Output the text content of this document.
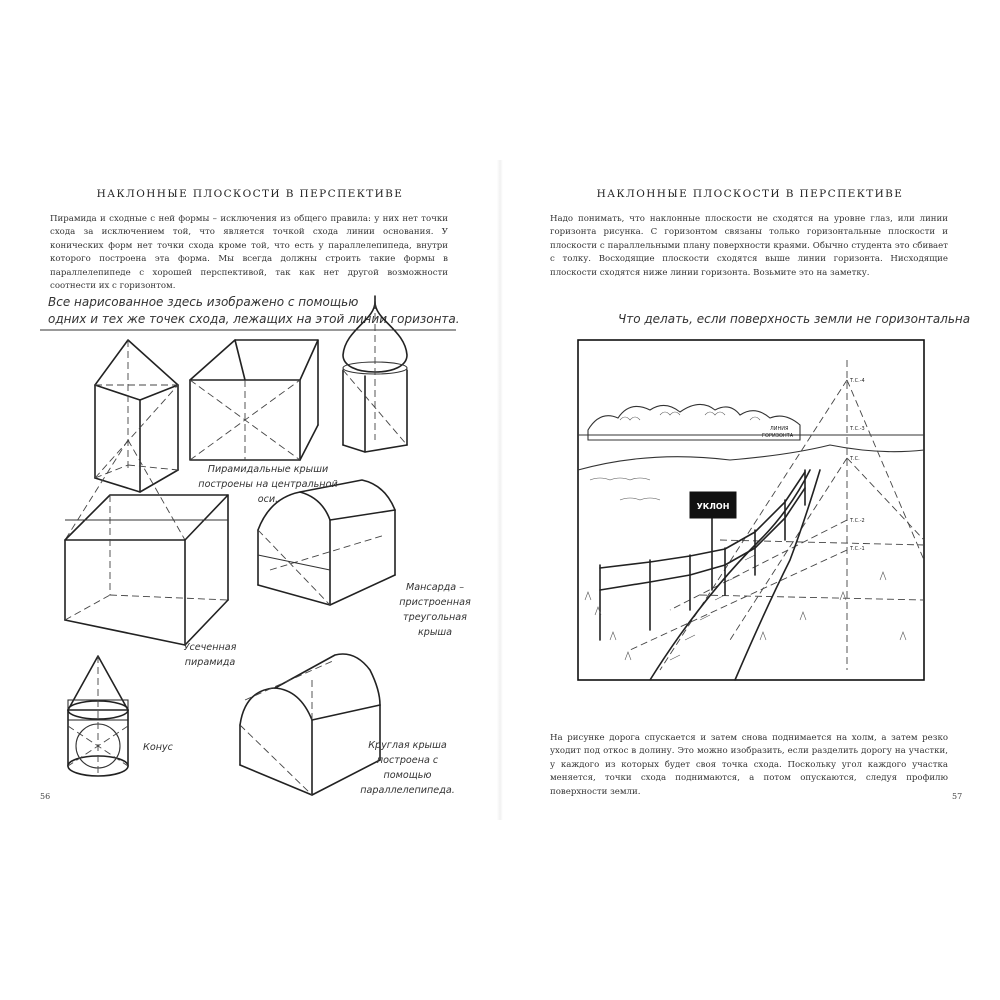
НАКЛОННЫЕ ПЛОСКОСТИ В ПЕРСПЕКТИВЕ

Пирамида и сходные с ней формы – исключения из общего правила: у них нет точки схода за исключением той, что является точкой схода линии основания. У конических форм нет точки схода кроме той, что есть у параллелепипеда, внутри которого построена эта форма. Мы всегда должны строить такие формы в параллелепипеде с хорошей перспективой, так как нет другой возможности соотнести их с горизонтом.

Все нарисованное здесь изображено с помощью
одних и тех же точек схода, лежащих на этой линии горизонта.
Пирамидальные крыши построены на центральной оси.
Мансарда – пристроенная треугольная крыша
Усеченная пирамида
Конус	Круглая крыша построена с помощью параллелепипеда.
56
НАКЛОННЫЕ ПЛОСКОСТИ В ПЕРСПЕКТИВЕ

Надо понимать, что наклонные плоскости не сходятся на уровне глаз, или линии горизонта рисунка. С горизонтом связаны только горизонтальные плоскости и плоскости с параллельными плану поверхности краями. Обычно студента это сбивает с толку. Восходящие плоскости сходятся выше линии горизонта. Нисходящие плоскости сходятся ниже линии горизонта. Возьмите это на заметку.

Что делать, если поверхность земли не горизонтальна
УКЛОН
ЛИНИЯ
ГОРИЗОНТА
Т.С.-4
Т.С.-3
Т.С.
Т.С.-2
Т.С.-1

На рисунке дорога спускается и затем снова поднимается на холм, а затем резко уходит под откос в долину. Это можно изобразить, если разделить дорогу на участки, у каждого из которых будет своя точка схода. Поскольку угол каждого участка меняется, точки схода поднимаются, а потом опускаются, следуя профилю поверхности земли.	57
